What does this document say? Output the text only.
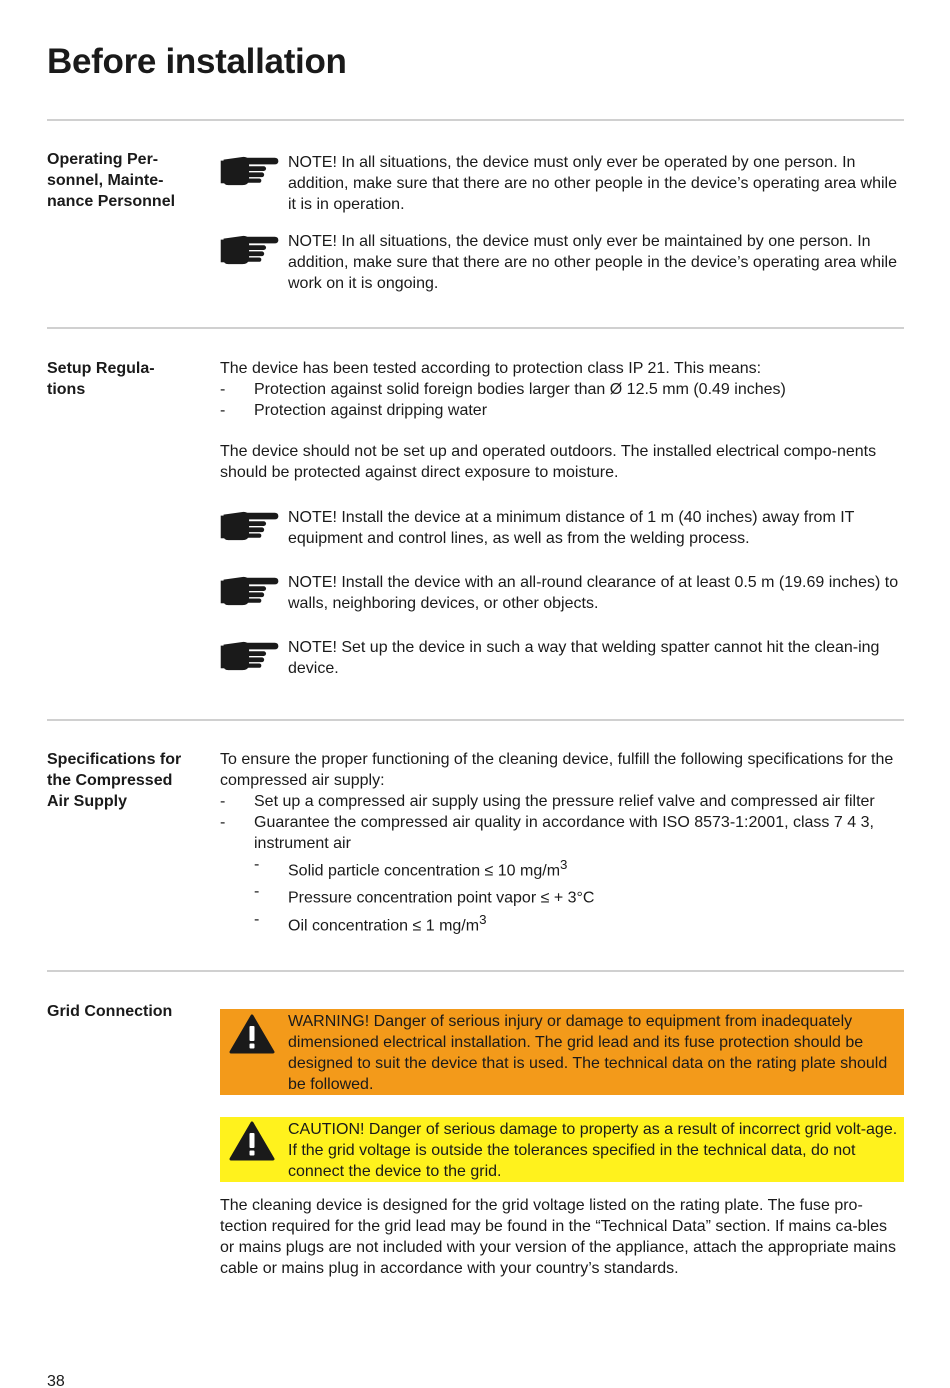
Before installation
Operating Per-
sonnel, Mainte-
nance Personnel
NOTE! In all situations, the device must only ever be operated by one person. In addition, make sure that there are no other people in the device’s operating area while it is in operation.
NOTE! In all situations, the device must only ever be maintained by one person. In addition, make sure that there are no other people in the device’s operating area while work on it is ongoing.
Setup Regula-
tions
The device has been tested according to protection class IP 21. This means:
- Protection against solid foreign bodies larger than Ø 12.5 mm (0.49 inches)
- Protection against dripping water
The device should not be set up and operated outdoors. The installed electrical compo-nents should be protected against direct exposure to moisture.
NOTE! Install the device at a minimum distance of 1 m (40 inches) away from IT equipment and control lines, as well as from the welding process.
NOTE! Install the device with an all-round clearance of at least 0.5 m (19.69 inches) to walls, neighboring devices, or other objects.
NOTE! Set up the device in such a way that welding spatter cannot hit the clean-ing device.
Specifications for
the Compressed
Air Supply
To ensure the proper functioning of the cleaning device, fulfill the following specifications for the compressed air supply:
- Set up a compressed air supply using the pressure relief valve and compressed air filter
- Guarantee the compressed air quality in accordance with ISO 8573-1:2001, class 7 4 3, instrument air
- Solid particle concentration ≤ 10 $mg/m^3$
- Pressure concentration point vapor ≤ + 3°C
- Oil concentration ≤ 1 $mg/m^3$
Grid Connection
WARNING! Danger of serious injury or damage to equipment from inadequately dimensioned electrical installation. The grid lead and its fuse protection should be designed to suit the device that is used. The technical data on the rating plate should be followed.
CAUTION! Danger of serious damage to property as a result of incorrect grid volt-age. If the grid voltage is outside the tolerances specified in the technical data, do not connect the device to the grid.
The cleaning device is designed for the grid voltage listed on the rating plate. The fuse pro-tection required for the grid lead may be found in the “Technical Data” section. If mains ca-bles or mains plugs are not included with your version of the appliance, attach the appropriate mains cable or mains plug in accordance with your country’s standards.
38
